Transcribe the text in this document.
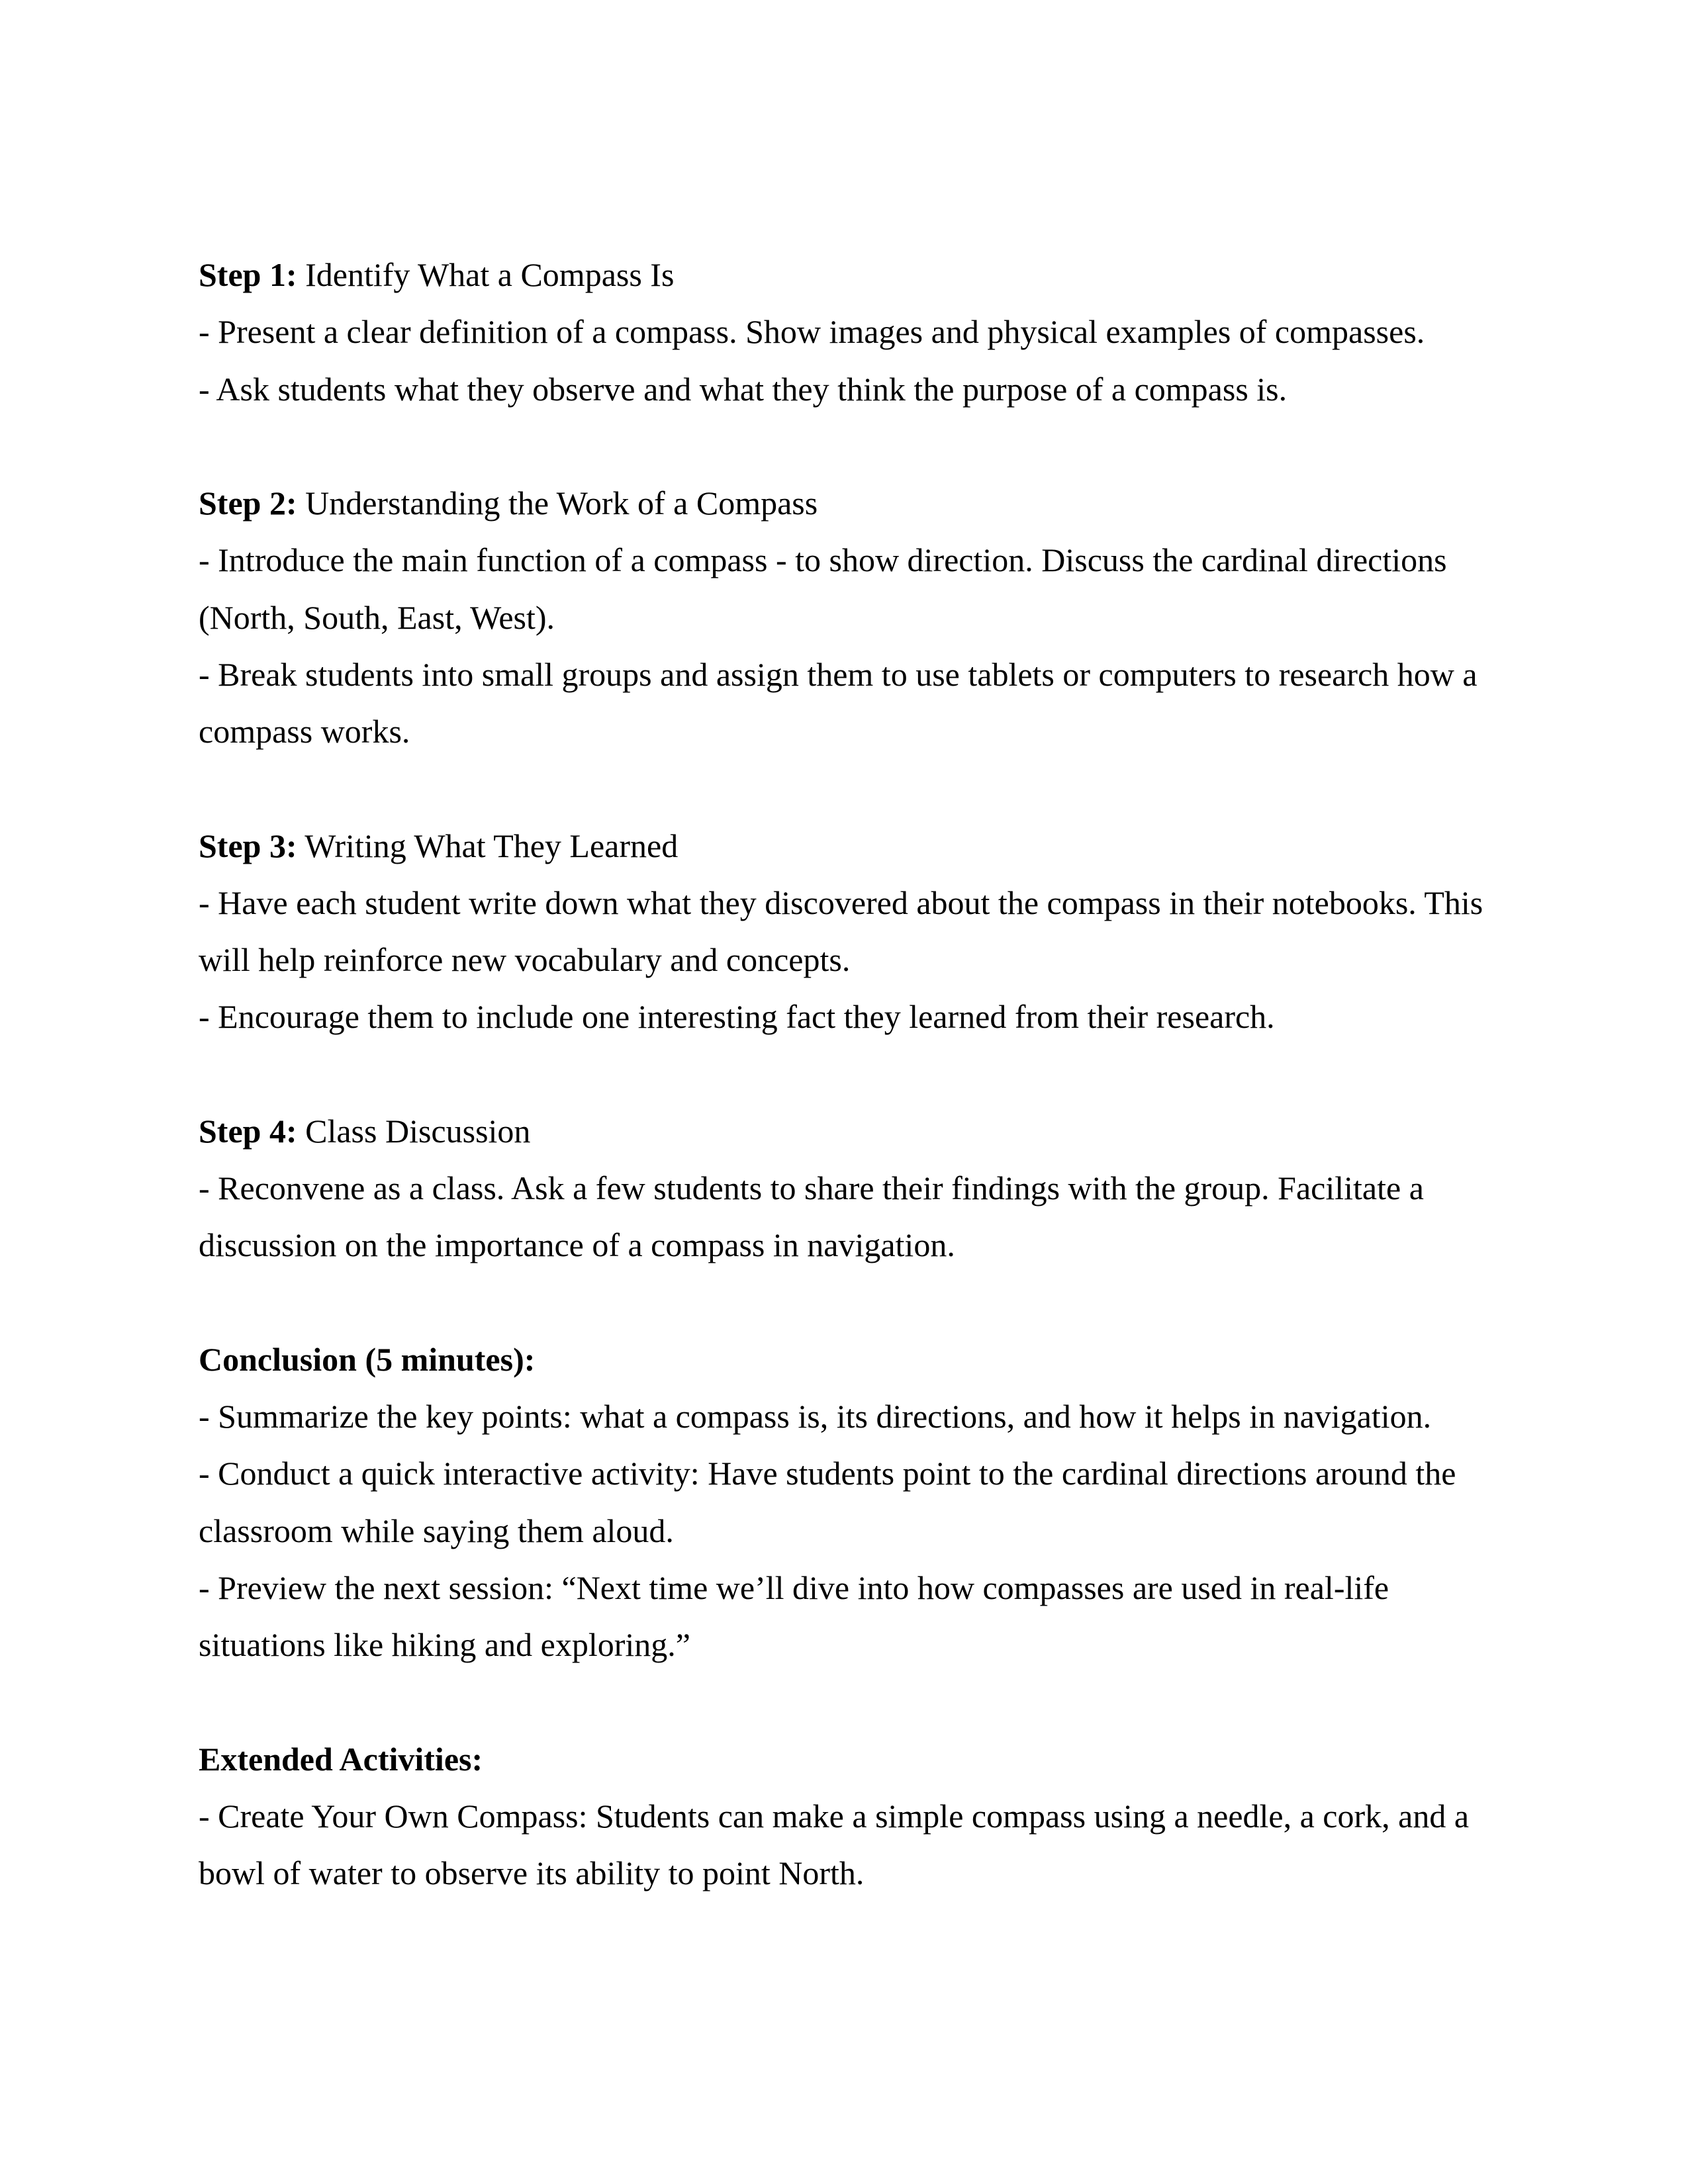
Step 1: Identify What a Compass Is
- Present a clear definition of a compass. Show images and physical examples of compasses.
- Ask students what they observe and what they think the purpose of a compass is.
Step 2: Understanding the Work of a Compass
- Introduce the main function of a compass - to show direction. Discuss the cardinal directions
(North, South, East, West).
- Break students into small groups and assign them to use tablets or computers to research how a
compass works.
Step 3: Writing What They Learned
- Have each student write down what they discovered about the compass in their notebooks. This
will help reinforce new vocabulary and concepts.
- Encourage them to include one interesting fact they learned from their research.
Step 4: Class Discussion
- Reconvene as a class. Ask a few students to share their findings with the group. Facilitate a
discussion on the importance of a compass in navigation.
Conclusion (5 minutes):
- Summarize the key points: what a compass is, its directions, and how it helps in navigation.
- Conduct a quick interactive activity: Have students point to the cardinal directions around the
classroom while saying them aloud.
- Preview the next session: “Next time we’ll dive into how compasses are used in real-life
situations like hiking and exploring.”
Extended Activities:
- Create Your Own Compass: Students can make a simple compass using a needle, a cork, and a
bowl of water to observe its ability to point North.
